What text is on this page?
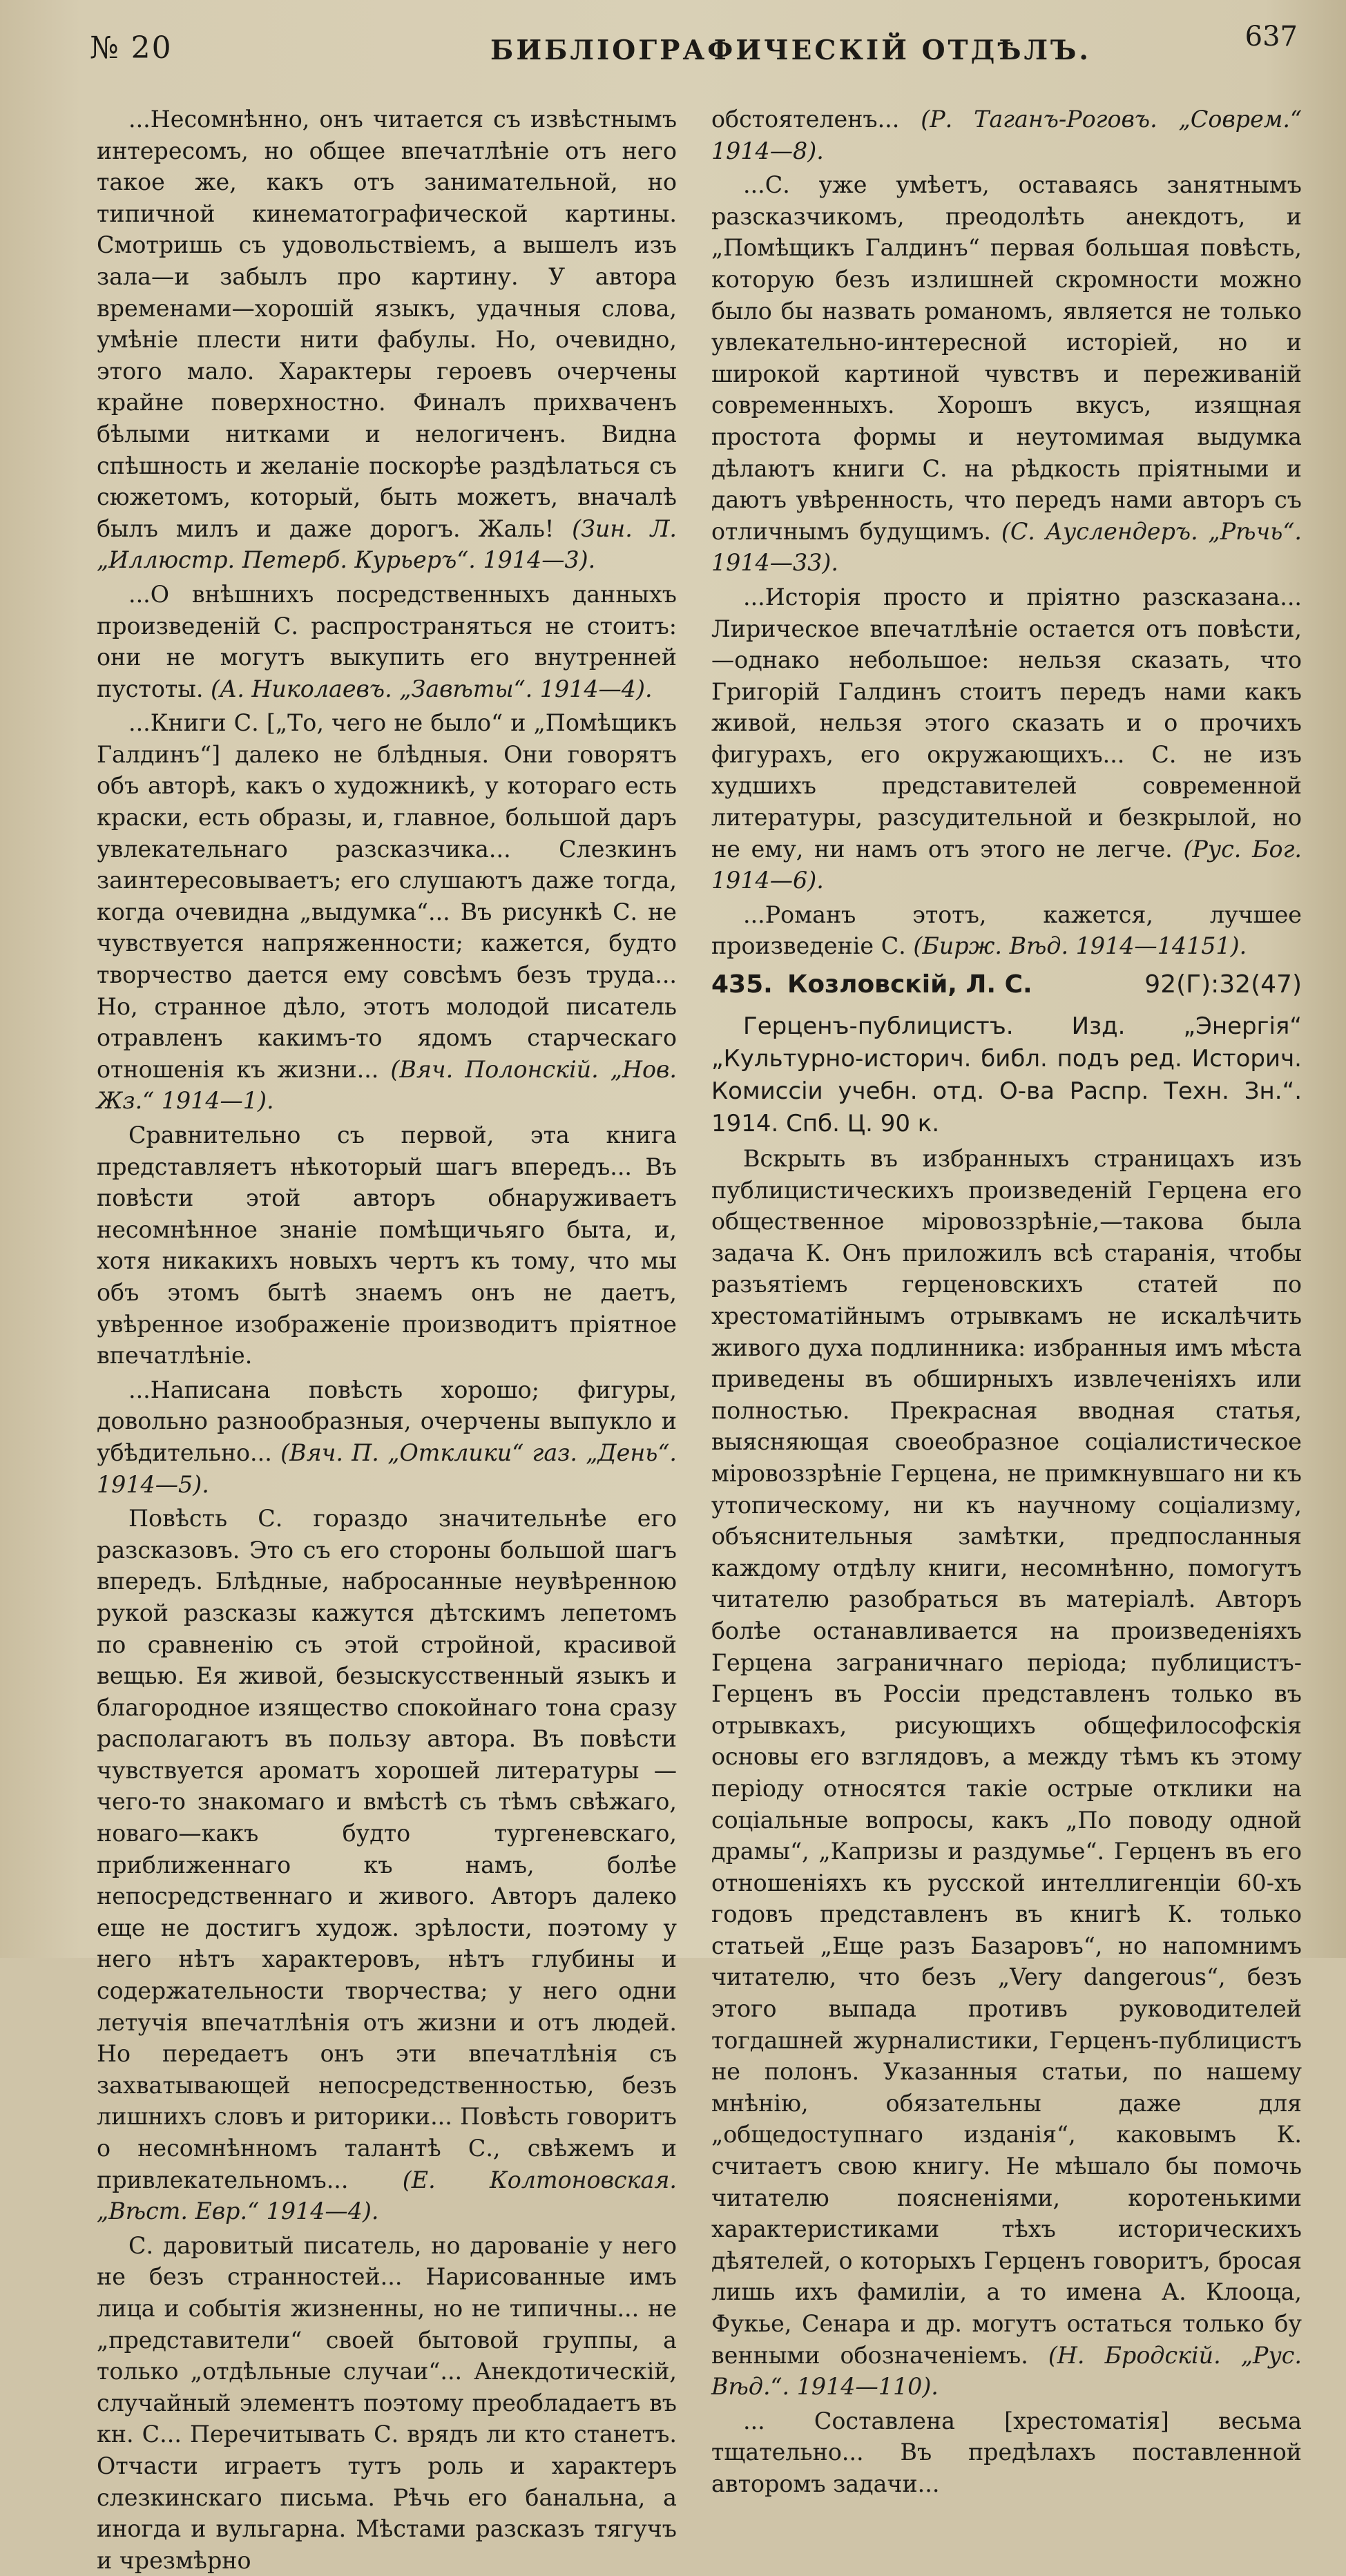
№ 20	БИБЛІОГРАФИЧЕСКІЙ ОТДѢЛЪ.	637

...Несомнѣнно, онъ читается съ извѣстнымъ интересомъ, но общее впечатлѣніе отъ него такое же, какъ отъ занимательной, но типичной кинематографической картины. Смотришь съ удовольствіемъ, а вышелъ изъ зала—и забылъ про картину. У автора временами—хорошій языкъ, удачныя слова, умѣніе плести нити фабулы. Но, очевидно, этого мало. Характеры героевъ очерчены крайне поверхностно. Финалъ прихваченъ бѣлыми нитками и нелогиченъ. Видна спѣшность и желаніе поскорѣе раздѣлаться съ сюжетомъ, который, быть можетъ, вначалѣ былъ милъ и даже дорогъ. Жаль! (Зин. Л. „Иллюстр. Петерб. Курьеръ“. 1914—3).

...О внѣшнихъ посредственныхъ данныхъ произведеній С. распространяться не стоитъ: они не могутъ выкупить его внутренней пустоты. (А. Николаевъ. „Завѣты“. 1914—4).

...Книги С. [„То, чего не было“ и „Помѣщикъ Галдинъ“] далеко не блѣдныя. Они говорятъ объ авторѣ, какъ о художникѣ, у котораго есть краски, есть образы, и, главное, большой даръ увлекательнаго разсказчика... Слезкинъ заинтересовываетъ; его слушаютъ даже тогда, когда очевидна „выдумка“... Въ рисункѣ С. не чувствуется напряженности; кажется, будто творчество дается ему совсѣмъ безъ труда... Но, странное дѣло, этотъ молодой писатель отравленъ какимъ-то ядомъ старческаго отношенія къ жизни... (Вяч. Полонскій. „Нов. Жз.“ 1914—1).

Сравнительно съ первой, эта книга представляетъ нѣкоторый шагъ впередъ... Въ повѣсти этой авторъ обнаруживаетъ несомнѣнное знаніе помѣщичьяго быта, и, хотя никакихъ новыхъ чертъ къ тому, что мы объ этомъ бытѣ знаемъ онъ не даетъ, увѣренное изображеніе производитъ пріятное впечатлѣніе.

...Написана повѣсть хорошо; фигуры, довольно разнообразныя, очерчены выпукло и убѣдительно... (Вяч. П. „Отклики“ газ. „День“. 1914—5).

Повѣсть С. гораздо значительнѣе его разсказовъ. Это съ его стороны большой шагъ впередъ. Блѣдные, набросанные неувѣренною рукой разсказы кажутся дѣтскимъ лепетомъ по сравненію съ этой стройной, красивой вещью. Ея живой, безыскусственный языкъ и благородное изящество спокойнаго тона сразу располагаютъ въ пользу автора. Въ повѣсти чувствуется ароматъ хорошей литературы — чего-то знакомаго и вмѣстѣ съ тѣмъ свѣжаго, новаго—какъ будто тургеневскаго, приближеннаго къ намъ, болѣе непосредственнаго и живого. Авторъ далеко еще не достигъ худож. зрѣлости, поэтому у него нѣтъ характеровъ, нѣтъ глубины и содержательности творчества; у него одни летучія впечатлѣнія отъ жизни и отъ людей. Но передаетъ онъ эти впечатлѣнія съ захватывающей непосредственностью, безъ лишнихъ словъ и риторики... Повѣсть говоритъ о несомнѣнномъ талантѣ С., свѣжемъ и привлекательномъ... (Е. Колтоновская. „Вѣст. Евр.“ 1914—4).

С. даровитый писатель, но дарованіе у него не безъ странностей... Нарисованные имъ лица и событія жизненны, но не типичны... не „представители“ своей бытовой группы, а только „отдѣльные случаи“... Анекдотическій, случайный элементъ поэтому преобладаетъ въ кн. С... Перечитывать С. врядъ ли кто станетъ. Отчасти играетъ тутъ роль и характеръ слезкинскаго письма. Рѣчь его банальна, а иногда и вульгарна. Мѣстами разсказъ тягучъ и чрезмѣрно

обстоятеленъ... (Р. Таганъ-Роговъ. „Соврем.“ 1914—8).

...С. уже умѣетъ, оставаясь занятнымъ разсказчикомъ, преодолѣть анекдотъ, и „Помѣщикъ Галдинъ“ первая большая повѣсть, которую безъ излишней скромности можно было бы назвать романомъ, является не только увлекательно-интересной исторіей, но и широкой картиной чувствъ и переживаній современныхъ. Хорошъ вкусъ, изящная простота формы и неутомимая выдумка дѣлаютъ книги С. на рѣдкость пріятными и даютъ увѣренность, что передъ нами авторъ съ отличнымъ будущимъ. (С. Ауслендеръ. „Рѣчь“. 1914—33).

...Исторія просто и пріятно разсказана... Лирическое впечатлѣніе остается отъ повѣсти,—однако небольшое: нельзя сказать, что Григорій Галдинъ стоитъ передъ нами какъ живой, нельзя этого сказать и о прочихъ фигурахъ, его окружающихъ... С. не изъ худшихъ представителей современной литературы, разсудительной и безкрылой, но не ему, ни намъ отъ этого не легче. (Рус. Бог. 1914—6).

...Романъ этотъ, кажется, лучшее произведеніе С. (Бирж. Вѣд. 1914—14151).

435. Козловскій, Л. С.	92(Г):32(47)

Герценъ-публицистъ. Изд. „Энергія“ „Культурно-историч. библ. подъ ред. Историч. Комиссіи учебн. отд. О-ва Распр. Техн. Зн.“. 1914. Спб. Ц. 90 к.

Вскрыть въ избранныхъ страницахъ изъ публицистическихъ произведеній Герцена его общественное міровоззрѣніе,—такова была задача К. Онъ приложилъ всѣ старанія, чтобы разъятіемъ герценовскихъ статей по хрестоматійнымъ отрывкамъ не искалѣчить живого духа подлинника: избранныя имъ мѣста приведены въ обширныхъ извлеченіяхъ или полностью. Прекрасная вводная статья, выясняющая своеобразное соціалистическое міровоззрѣніе Герцена, не примкнувшаго ни къ утопическому, ни къ научному соціализму, объяснительныя замѣтки, предпосланныя каждому отдѣлу книги, несомнѣнно, помогутъ читателю разобраться въ матеріалѣ. Авторъ болѣе останавливается на произведеніяхъ Герцена заграничнаго періода; публицистъ-Герценъ въ Россіи представленъ только въ отрывкахъ, рисующихъ общефилософскія основы его взглядовъ, а между тѣмъ къ этому періоду относятся такіе острые отклики на соціальные вопросы, какъ „По поводу одной драмы“, „Капризы и раздумье“. Герценъ въ его отношеніяхъ къ русской интеллигенціи 60-хъ годовъ представленъ въ книгѣ К. только статьей „Еще разъ Базаровъ“, но напомнимъ читателю, что безъ „Very dangerous“, безъ этого выпада противъ руководителей тогдашней журналистики, Герценъ-публицистъ не полонъ. Указанныя статьи, по нашему мнѣнію, обязательны даже для „общедоступнаго изданія“, каковымъ К. считаетъ свою книгу. Не мѣшало бы помочь читателю поясненіями, коротенькими характеристиками тѣхъ историческихъ дѣятелей, о которыхъ Герценъ говоритъ, бросая лишь ихъ фамиліи, а то имена А. Клооца, Фукье, Сенара и др. могутъ остаться только бу венными обозначеніемъ. (Н. Бродскій. „Рус. Вѣд.“. 1914—110).

... Составлена [хрестоматія] весьма тщательно... Въ предѣлахъ поставленной авторомъ задачи...
